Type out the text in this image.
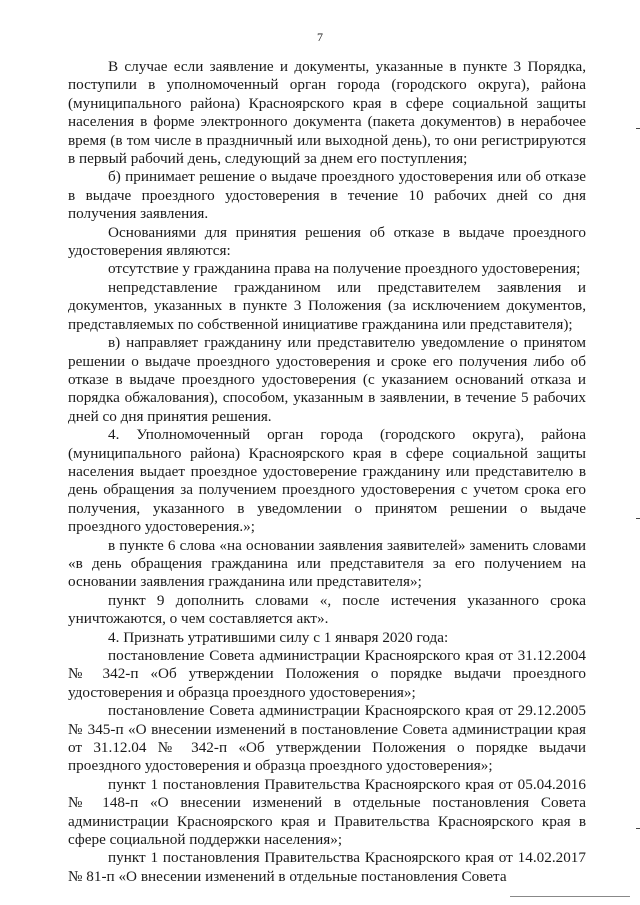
7

В случае если заявление и документы, указанные в пункте 3 Порядка, поступили в уполномоченный орган города (городского округа), района (муниципального района) Красноярского края в сфере социальной защиты населения в форме электронного документа (пакета документов) в нерабочее время (в том числе в праздничный или выходной день), то они регистрируются в первый рабочий день, следующий за днем его поступления;

б) принимает решение о выдаче проездного удостоверения или об отказе в выдаче проездного удостоверения в течение 10 рабочих дней со дня получения заявления.

Основаниями для принятия решения об отказе в выдаче проездного удостоверения являются:

отсутствие у гражданина права на получение проездного удостоверения;

непредставление гражданином или представителем заявления и документов, указанных в пункте 3 Положения (за исключением документов, представляемых по собственной инициативе гражданина или представителя);

в) направляет гражданину или представителю уведомление о принятом решении о выдаче проездного удостоверения и сроке его получения либо об отказе в выдаче проездного удостоверения (с указанием оснований отказа и порядка обжалования), способом, указанным в заявлении, в течение 5 рабочих дней со дня принятия решения.

4. Уполномоченный орган города (городского округа), района (муниципального района) Красноярского края в сфере социальной защиты населения выдает проездное удостоверение гражданину или представителю в день обращения за получением проездного удостоверения с учетом срока его получения, указанного в уведомлении о принятом решении о выдаче проездного удостоверения.»;

в пункте 6 слова «на основании заявления заявителей» заменить словами «в день обращения гражданина или представителя за его получением на основании заявления гражданина или представителя»;

пункт 9 дополнить словами «, после истечения указанного срока уничтожаются, о чем составляется акт».

4. Признать утратившими силу с 1 января 2020 года:

постановление Совета администрации Красноярского края от 31.12.2004 № 342-п «Об утверждении Положения о порядке выдачи проездного удостоверения и образца проездного удостоверения»;

постановление Совета администрации Красноярского края от 29.12.2005 № 345-п «О внесении изменений в постановление Совета администрации края от 31.12.04 № 342-п «Об утверждении Положения о порядке выдачи проездного удостоверения и образца проездного удостоверения»;

пункт 1 постановления Правительства Красноярского края от 05.04.2016 № 148-п «О внесении изменений в отдельные постановления Совета администрации Красноярского края и Правительства Красноярского края в сфере социальной поддержки населения»;

пункт 1 постановления Правительства Красноярского края от 14.02.2017 № 81-п «О внесении изменений в отдельные постановления Совета
